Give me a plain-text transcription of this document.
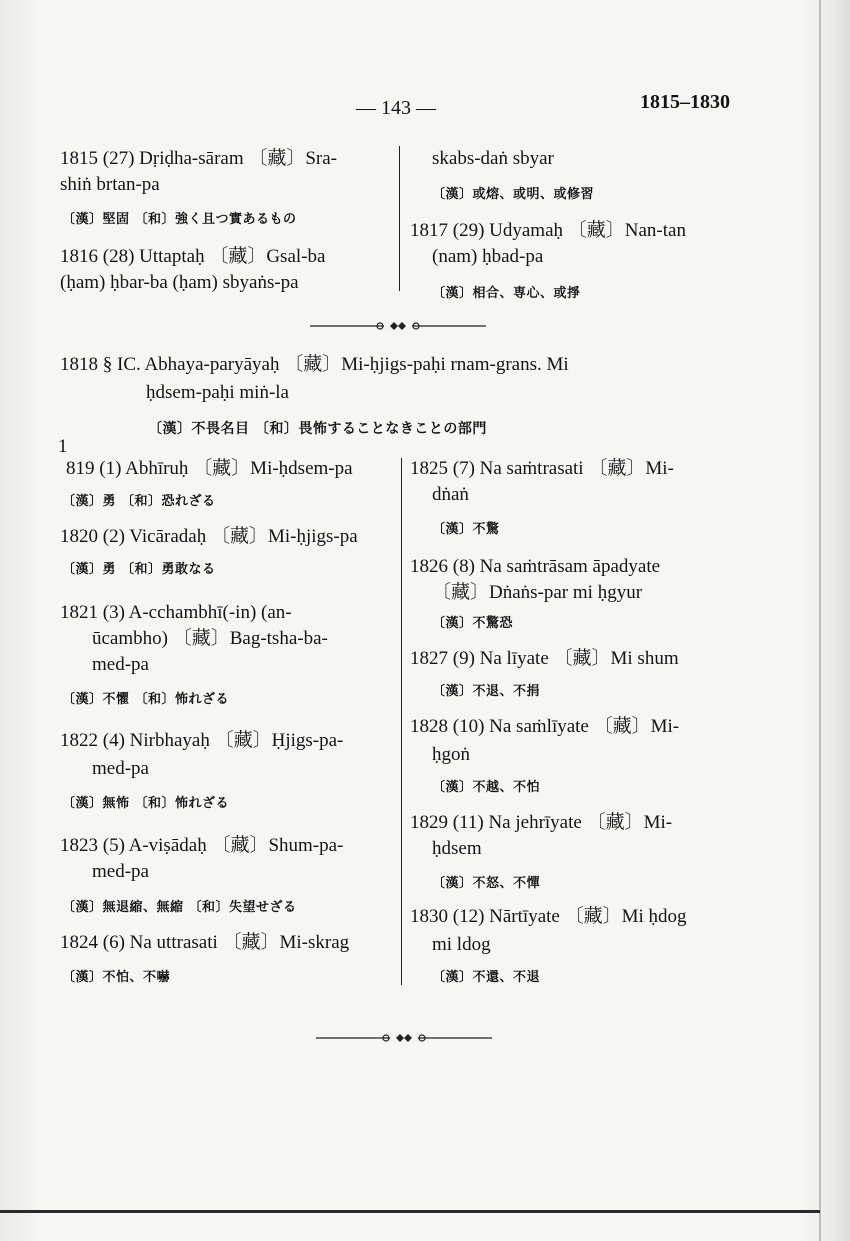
— 143 —	1815–1830
1815 (27) Dṛiḍha-sāram 〔藏〕Sra-
shiṅ brtan-pa
〔漢〕堅固 〔和〕強く且つ實あるもの
1816 (28) Uttaptaḥ 〔藏〕Gsal-ba
(ḥam) ḥbar-ba (ḥam) sbyaṅs-pa
skabs-daṅ sbyar
〔漢〕或熔、或明、或修習
1817 (29) Udyamaḥ 〔藏〕Nan-tan
(nam) ḥbad-pa
〔漢〕相合、専心、或掙
1818 § IC. Abhaya-paryāyaḥ 〔藏〕Mi-ḥjigs-paḥi rnam-grans. Mi
ḥdsem-paḥi miṅ-la
〔漢〕不畏名目 〔和〕畏怖することなきことの部門
1
819 (1) Abhīruḥ 〔藏〕Mi-ḥdsem-pa
〔漢〕勇 〔和〕恐れざる
1820 (2) Vicāradaḥ 〔藏〕Mi-ḥjigs-pa
〔漢〕勇 〔和〕勇敢なる
1821 (3) A-cchambhī(-in) (an-
ūcambho) 〔藏〕Bag-tsha-ba-
med-pa
〔漢〕不懼 〔和〕怖れざる
1822 (4) Nirbhayaḥ 〔藏〕Ḥjigs-pa-
med-pa
〔漢〕無怖 〔和〕怖れざる
1823 (5) A-viṣādaḥ 〔藏〕Shum-pa-
med-pa
〔漢〕無退縮、無縮 〔和〕失望せざる
1824 (6) Na uttrasati 〔藏〕Mi-skrag
〔漢〕不怕、不嚇
1825 (7) Na saṁtrasati 〔藏〕Mi-
dṅaṅ
〔漢〕不驚
1826 (8) Na saṁtrāsam āpadyate
〔藏〕Dṅaṅs-par mi ḥgyur
〔漢〕不驚恐
1827 (9) Na līyate 〔藏〕Mi shum
〔漢〕不退、不捐
1828 (10) Na saṁlīyate 〔藏〕Mi-
ḥgoṅ
〔漢〕不越、不怕
1829 (11) Na jehrīyate 〔藏〕Mi-
ḥdsem
〔漢〕不怒、不憚
1830 (12) Nārtīyate 〔藏〕Mi ḥdog
mi ldog
〔漢〕不還、不退
